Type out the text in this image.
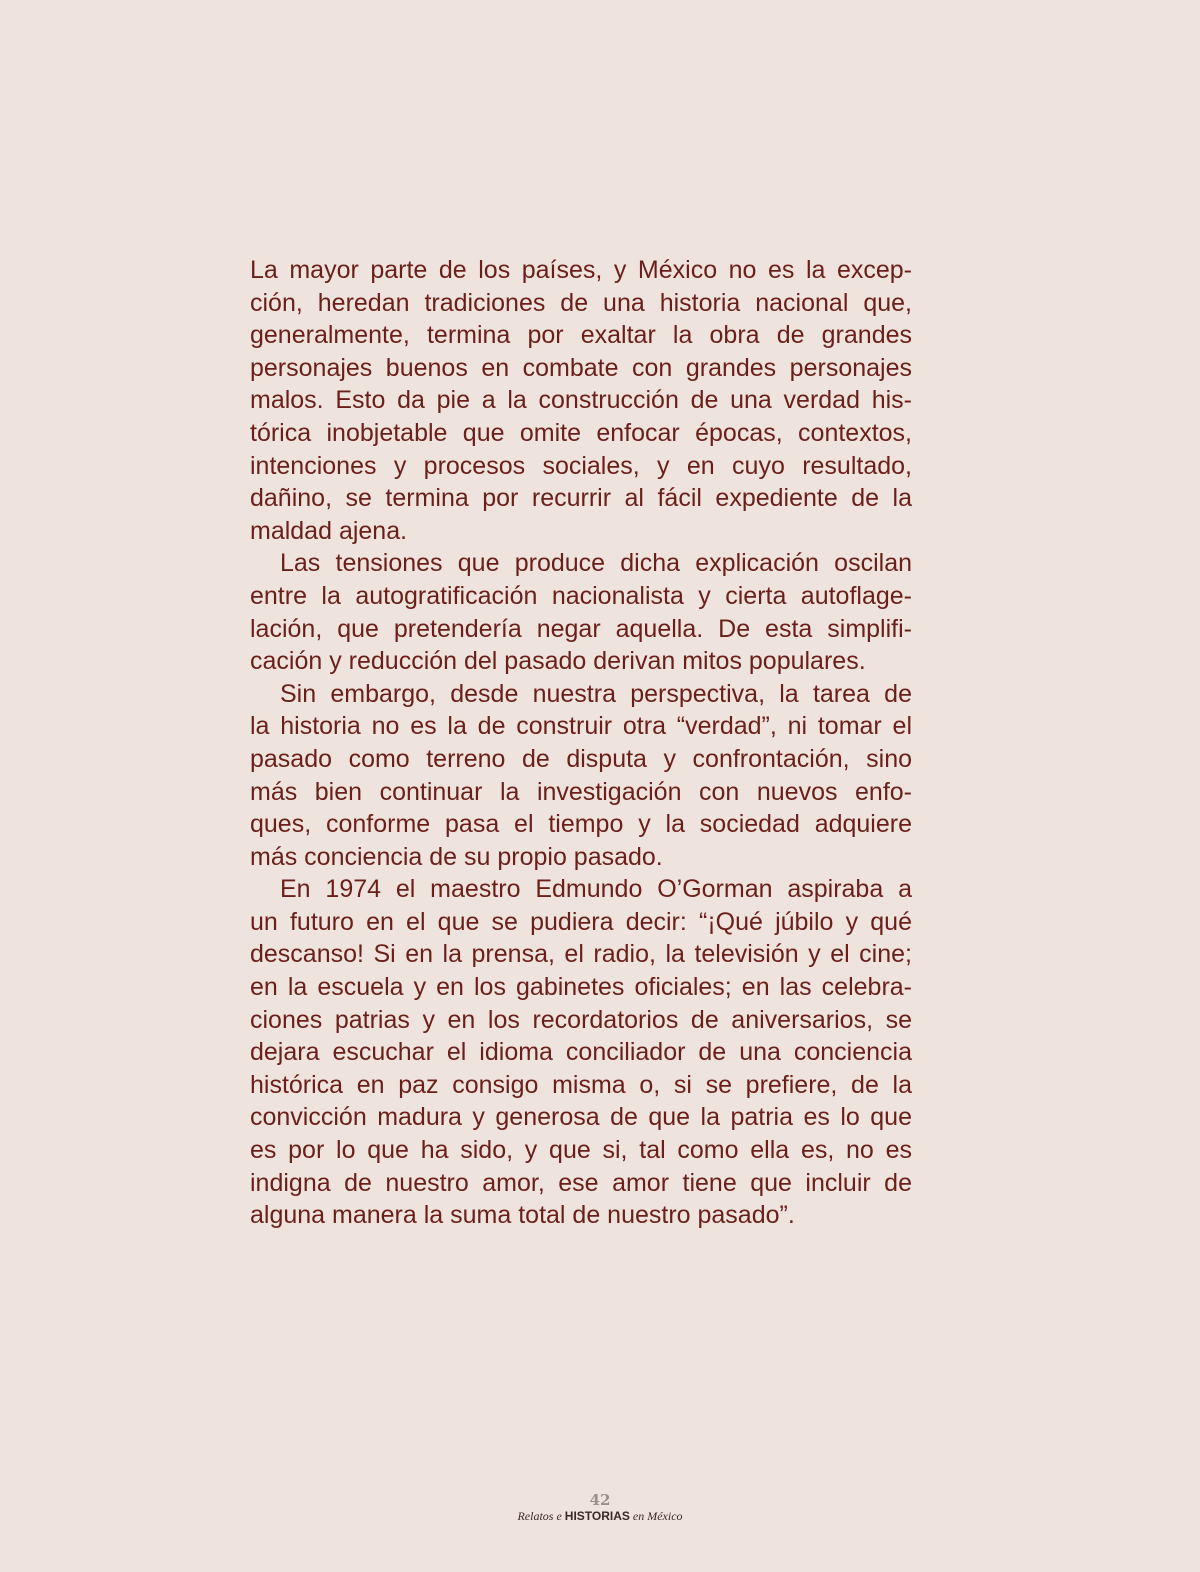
La mayor parte de los países, y México no es la excep-
ción, heredan tradiciones de una historia nacional que,
generalmente, termina por exaltar la obra de grandes
personajes buenos en combate con grandes personajes
malos. Esto da pie a la construcción de una verdad his-
tórica inobjetable que omite enfocar épocas, contextos,
intenciones y procesos sociales, y en cuyo resultado,
dañino, se termina por recurrir al fácil expediente de la
maldad ajena.
Las tensiones que produce dicha explicación oscilan
entre la autogratificación nacionalista y cierta autoflage-
lación, que pretendería negar aquella. De esta simplifi-
cación y reducción del pasado derivan mitos populares.
Sin embargo, desde nuestra perspectiva, la tarea de
la historia no es la de construir otra “verdad”, ni tomar el
pasado como terreno de disputa y confrontación, sino
más bien continuar la investigación con nuevos enfo-
ques, conforme pasa el tiempo y la sociedad adquiere
más conciencia de su propio pasado.
En 1974 el maestro Edmundo O’Gorman aspiraba a
un futuro en el que se pudiera decir: “¡Qué júbilo y qué
descanso! Si en la prensa, el radio, la televisión y el cine;
en la escuela y en los gabinetes oficiales; en las celebra-
ciones patrias y en los recordatorios de aniversarios, se
dejara escuchar el idioma conciliador de una conciencia
histórica en paz consigo misma o, si se prefiere, de la
convicción madura y generosa de que la patria es lo que
es por lo que ha sido, y que si, tal como ella es, no es
indigna de nuestro amor, ese amor tiene que incluir de
alguna manera la suma total de nuestro pasado”.
42
Relatos e HISTORIAS en México
